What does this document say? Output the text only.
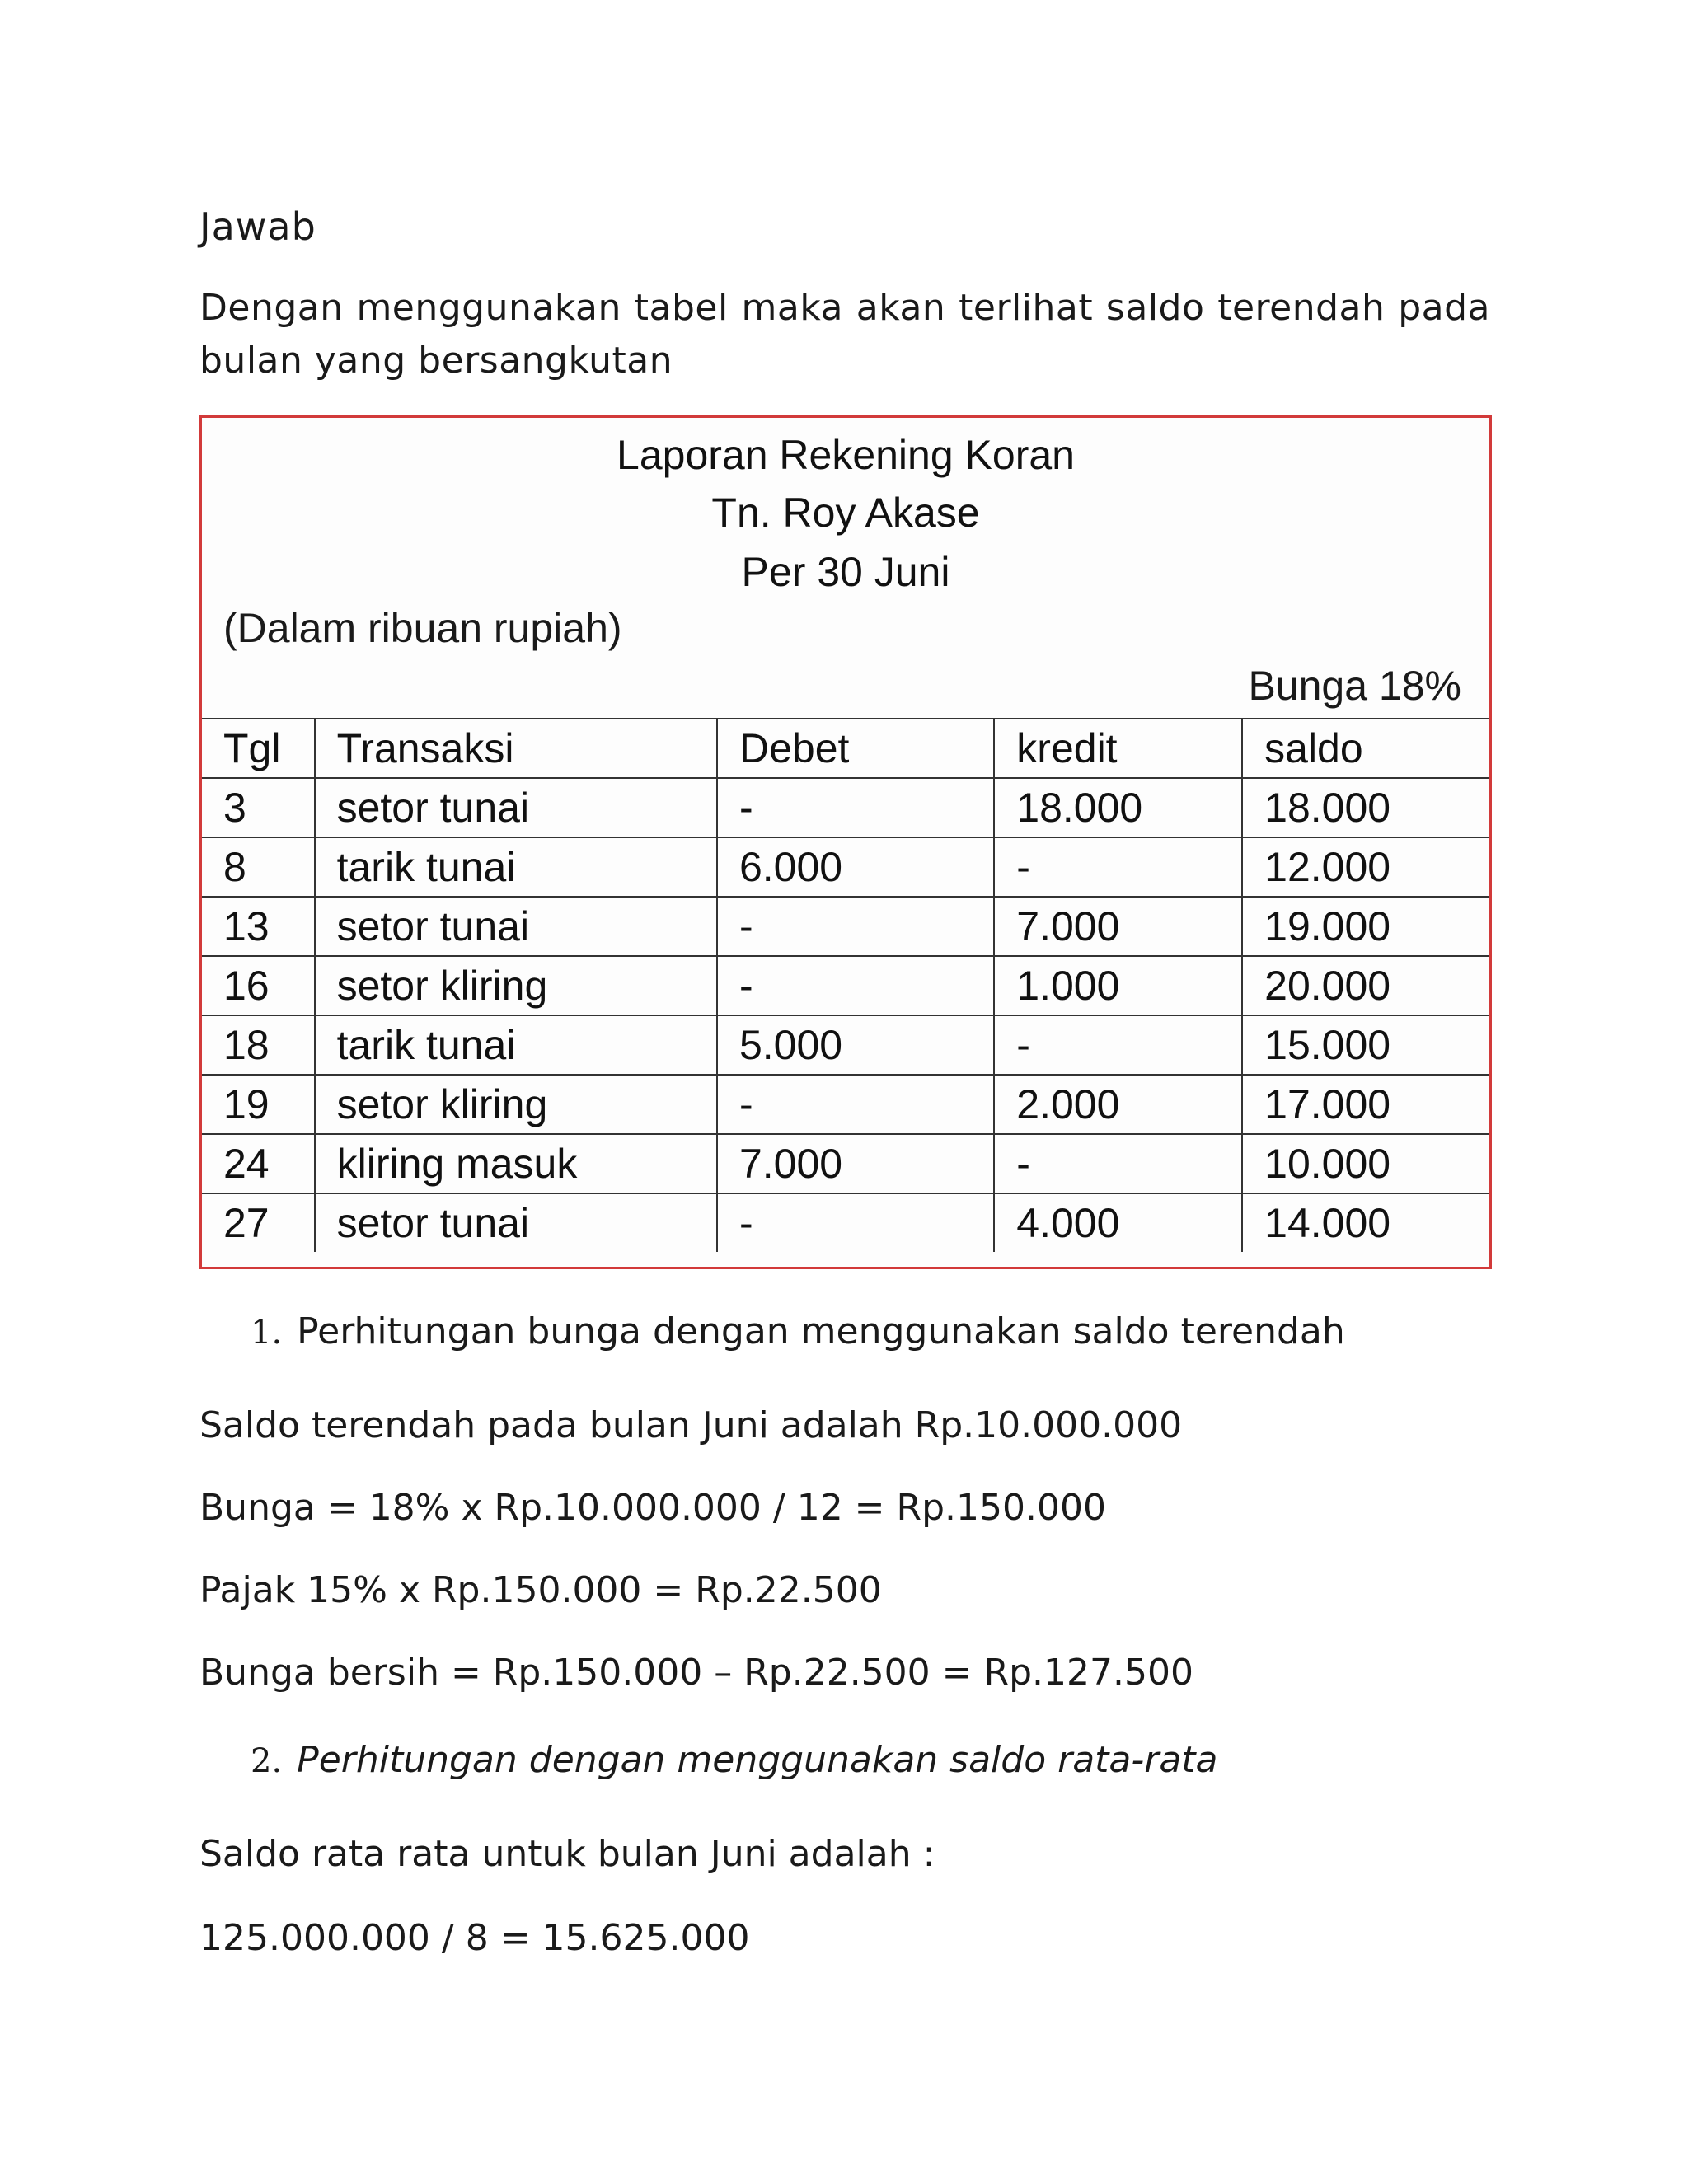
Jawab
Dengan menggunakan tabel maka akan terlihat saldo terendah pada bulan yang bersangkutan
Laporan Rekening Koran
Tn. Roy Akase
Per 30 Juni
(Dalam ribuan rupiah)
Bunga 18%
Tgl	Transaksi	Debet	kredit	saldo
3	setor tunai	-	18.000	18.000
8	tarik tunai	6.000	-	12.000
13	setor tunai	-	7.000	19.000
16	setor kliring	-	1.000	20.000
18	tarik tunai	5.000	-	15.000
19	setor kliring	-	2.000	17.000
24	kliring masuk	7.000	-	10.000
27	setor tunai	-	4.000	14.000
1. Perhitungan bunga dengan menggunakan saldo terendah
Saldo terendah pada bulan Juni adalah Rp.10.000.000
Bunga = 18% x Rp.10.000.000 / 12 = Rp.150.000
Pajak 15% x Rp.150.000 = Rp.22.500
Bunga bersih = Rp.150.000 – Rp.22.500 = Rp.127.500
2. Perhitungan dengan menggunakan saldo rata-rata
Saldo rata rata untuk bulan Juni adalah :
125.000.000 / 8 = 15.625.000
